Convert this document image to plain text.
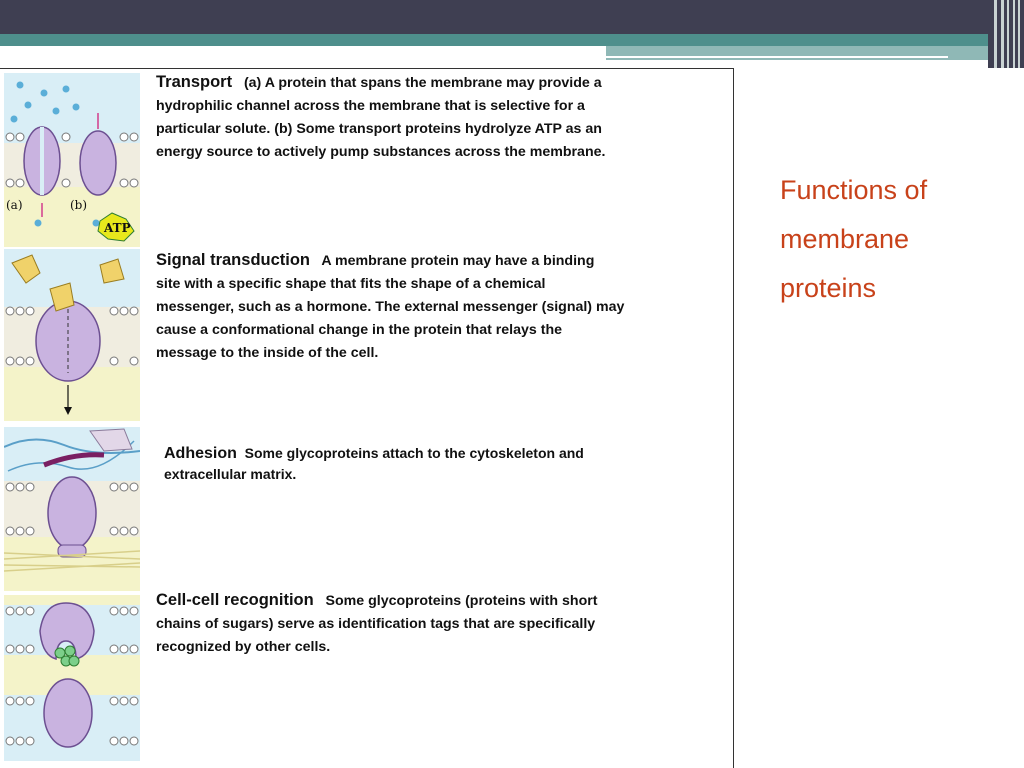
ATP
(a)	(b)
Transport (a) A protein that spans the membrane may provide a
hydrophilic channel across the membrane that is selective for a
particular solute. (b) Some transport proteins hydrolyze ATP as an
energy source to actively pump substances across the membrane.
Signal transduction A membrane protein may have a binding
site with a specific shape that fits the shape of a chemical
messenger, such as a hormone. The external messenger (signal) may
cause a conformational change in the protein that relays the
message to the inside of the cell.
Adhesion Some glycoproteins attach to the cytoskeleton and
extracellular matrix.
Cell-cell recognition Some glycoproteins (proteins with short
chains of sugars) serve as identification tags that are specifically
recognized by other cells.
Functions of
membrane
proteins
